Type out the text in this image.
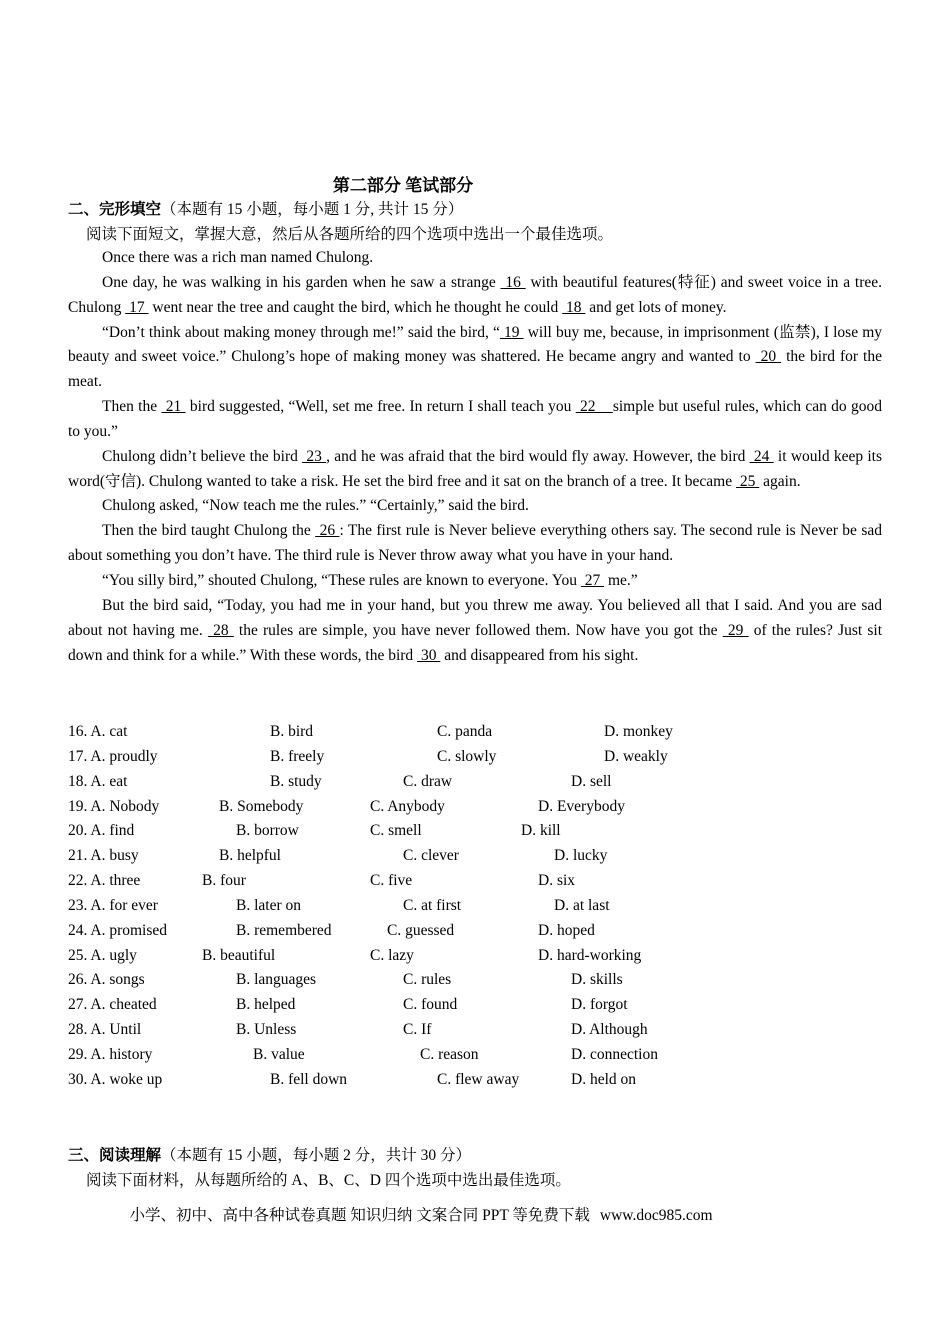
第二部分 笔试部分
二、完形填空（本题有 15 小题，每小题 1 分, 共计 15 分）
阅读下面短文，掌握大意，然后从各题所给的四个选项中选出一个最佳选项。

Once there was a rich man named Chulong.

One day, he was walking in his garden when he saw a strange  16  with beautiful features(特征) and sweet voice in a tree. Chulong  17  went near the tree and caught the bird, which he thought he could  18  and get lots of money.

“Don’t think about making money through me!” said the bird, “ 19  will buy me, because, in imprisonment (监禁), I lose my beauty and sweet voice.” Chulong’s hope of making money was shattered. He became angry and wanted to  20  the bird for the meat.

Then the  21  bird suggested, “Well, set me free. In return I shall teach you  22    simple but useful rules, which can do good to you.”

Chulong didn’t believe the bird  23 , and he was afraid that the bird would fly away. However, the bird  24  it would keep its word(守信). Chulong wanted to take a risk. He set the bird free and it sat on the branch of a tree. It became  25  again.

Chulong asked, “Now teach me the rules.” “Certainly,” said the bird.

Then the bird taught Chulong the  26 : The first rule is Never believe everything others say. The second rule is Never be sad about something you don’t have. The third rule is Never throw away what you have in your hand.

“You silly bird,” shouted Chulong, “These rules are known to everyone. You  27  me.”

But the bird said, “Today, you had me in your hand, but you threw me away. You believed all that I said. And you are sad about not having me.  28  the rules are simple, you have never followed them. Now have you got the  29  of the rules? Just sit down and think for a while.” With these words, the bird  30  and disappeared from his sight.

16. A. cat	B. bird	C. panda	D. monkey
17. A. proudly	B. freely	C. slowly	D. weakly
18. A. eat	B. study	C. draw	D. sell
19. A. Nobody	B. Somebody	C. Anybody	D. Everybody
20. A. find	B. borrow	C. smell	D. kill
21. A. busy	B. helpful	C. clever	D. lucky
22. A. three	B. four	C. five	D. six
23. A. for ever	B. later on	C. at first	D. at last
24. A. promised	B. remembered	C. guessed	D. hoped
25. A. ugly	B. beautiful	C. lazy	D. hard-working
26. A. songs	B. languages	C. rules	D. skills
27. A. cheated	B. helped	C. found	D. forgot
28. A. Until	B. Unless	C. If	D. Although
29. A. history	B. value	C. reason	D. connection
30. A. woke up	B. fell down	C. flew away	D. held on
三、阅读理解（本题有 15 小题，每小题 2 分，共计 30 分）
阅读下面材料，从每题所给的 A、B、C、D 四个选项中选出最佳选项。
小学、初中、高中各种试卷真题 知识归纳 文案合同 PPT 等免费下载 www.doc985.com
